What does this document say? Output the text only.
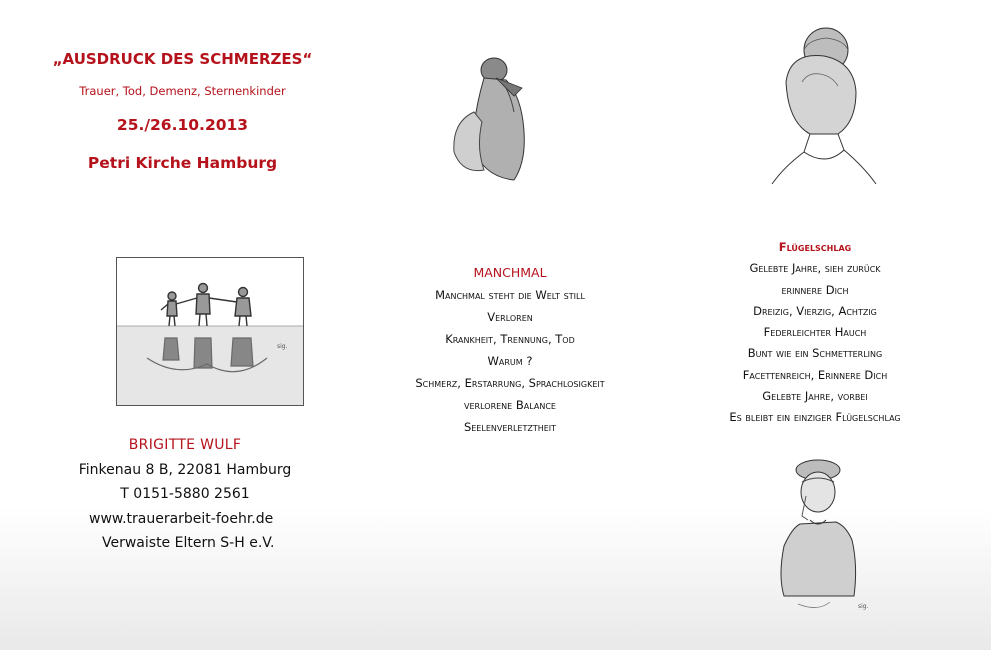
„AUSDRUCK DES SCHMERZES“
Trauer, Tod, Demenz, Sternenkinder
25./26.10.2013
Petri Kirche Hamburg
sig.
BRIGITTE WULF
Finkenau 8 B, 22081 Hamburg
T 0151-5880 2561
www.trauerarbeit-foehr.de
Verwaiste Eltern S-H e.V.
MANCHMAL
Manchmal steht die Welt still
Verloren
Krankheit, Trennung, Tod
Warum ?
Schmerz, Erstarrung, Sprachlosigkeit
verlorene Balance
Seelenverletztheit
Flügelschlag
Gelebte Jahre, sieh zurück
erinnere Dich
Dreizig, Vierzig, Achtzig
Federleichter Hauch
Bunt wie ein Schmetterling
Facettenreich, Erinnere Dich
Gelebte Jahre, vorbei
Es bleibt ein einziger Flügelschlag
sig.
